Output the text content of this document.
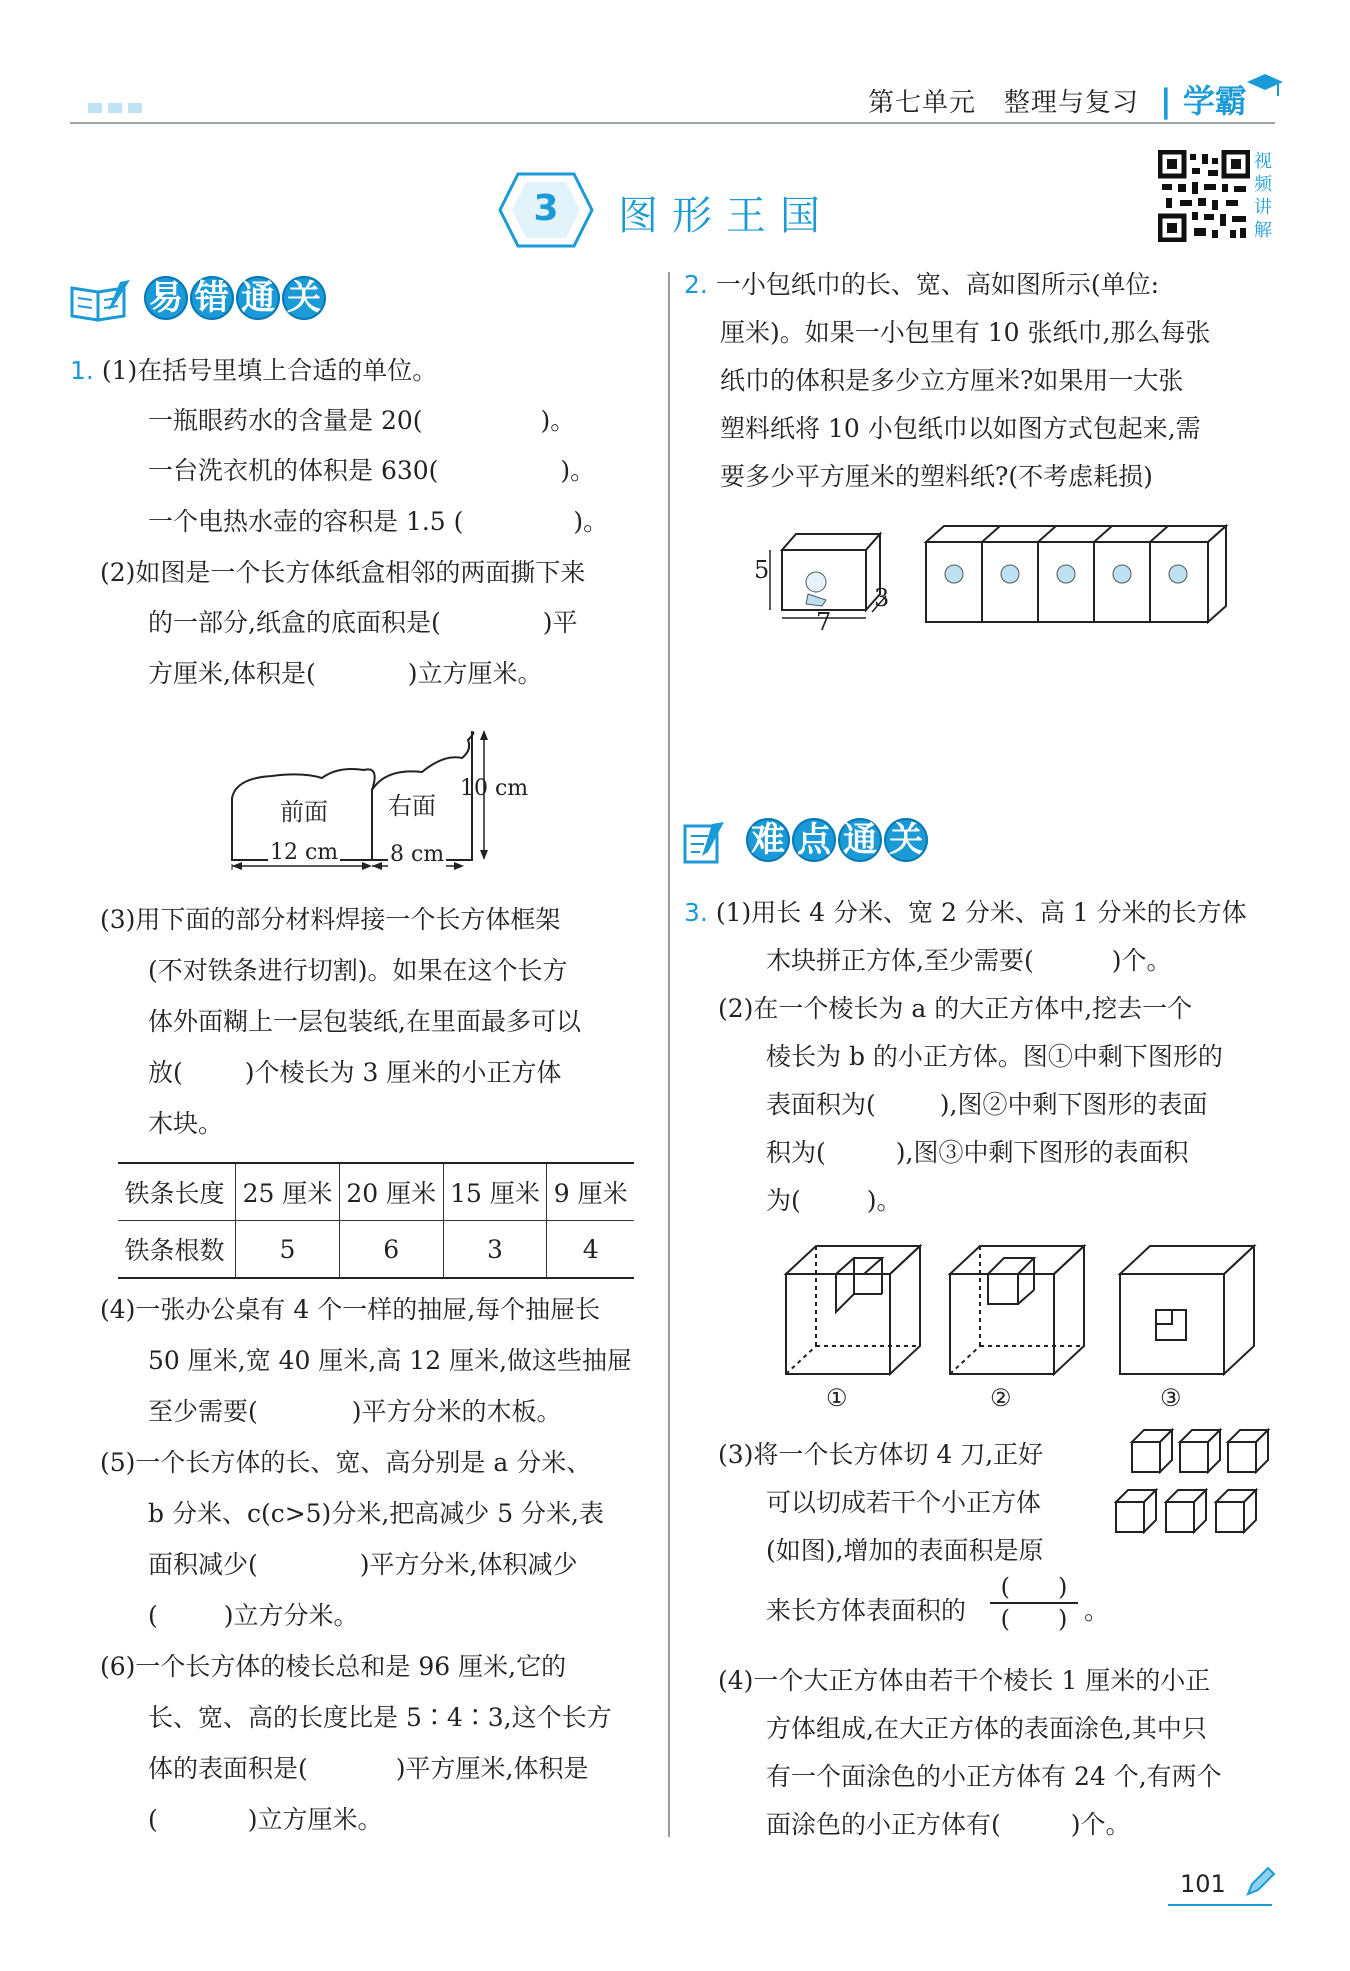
第七单元 整理与复习 | 学霸
3	图形王国
视频讲解
易 错 通 关
1. (1)在括号里填上合适的单位。
一瓶眼药水的含量是 20(	)。
一台洗衣机的体积是 630(	)。
一个电热水壶的容积是 1.5 (	)。
(2)如图是一个长方体纸盒相邻的两面撕下来
的一部分,纸盒的底面积是(	)平
方厘米,体积是(	)立方厘米。
前面	右面
10 cm
12 cm 8 cm
(3)用下面的部分材料焊接一个长方体框架
(不对铁条进行切割)。如果在这个长方
体外面糊上一层包装纸,在里面最多可以
放( )个棱长为 3 厘米的小正方体
木块。
铁条长度	25 厘米	20 厘米	15 厘米	9 厘米
铁条根数	5	6	3	4
(4)一张办公桌有 4 个一样的抽屉,每个抽屉长
50 厘米,宽 40 厘米,高 12 厘米,做这些抽屉
至少需要(	)平方分米的木板。
(5)一个长方体的长、宽、高分别是 a 分米、
b 分米、c(c>5)分米,把高减少 5 分米,表
面积减少(	)平方分米,体积减少
(	)立方分米。
(6)一个长方体的棱长总和是 96 厘米,它的
长、宽、高的长度比是 5∶4∶3,这个长方
体的表面积是(	)平方厘米,体积是
(	)立方厘米。
2. 一小包纸巾的长、宽、高如图所示(单位:
厘米)。如果一小包里有 10 张纸巾,那么每张
纸巾的体积是多少立方厘米?如果用一大张
塑料纸将 10 小包纸巾以如图方式包起来,需
要多少平方厘米的塑料纸?(不考虑耗损)
5
7
3
难 点 通 关
3. (1)用长 4 分米、宽 2 分米、高 1 分米的长方体
木块拼正方体,至少需要(	)个。
(2)在一个棱长为 a 的大正方体中,挖去一个
棱长为 b 的小正方体。图①中剩下图形的
表面积为(	),图②中剩下图形的表面
积为(	),图③中剩下图形的表面积
为(	)。
①	②	③
(3)将一个长方体切 4 刀,正好
可以切成若干个小正方体
(如图),增加的表面积是原
来长方体表面积的
(　　)
(　　) 。
(4)一个大正方体由若干个棱长 1 厘米的小正
方体组成,在大正方体的表面涂色,其中只
有一个面涂色的小正方体有 24 个,有两个
面涂色的小正方体有(	)个。
101
